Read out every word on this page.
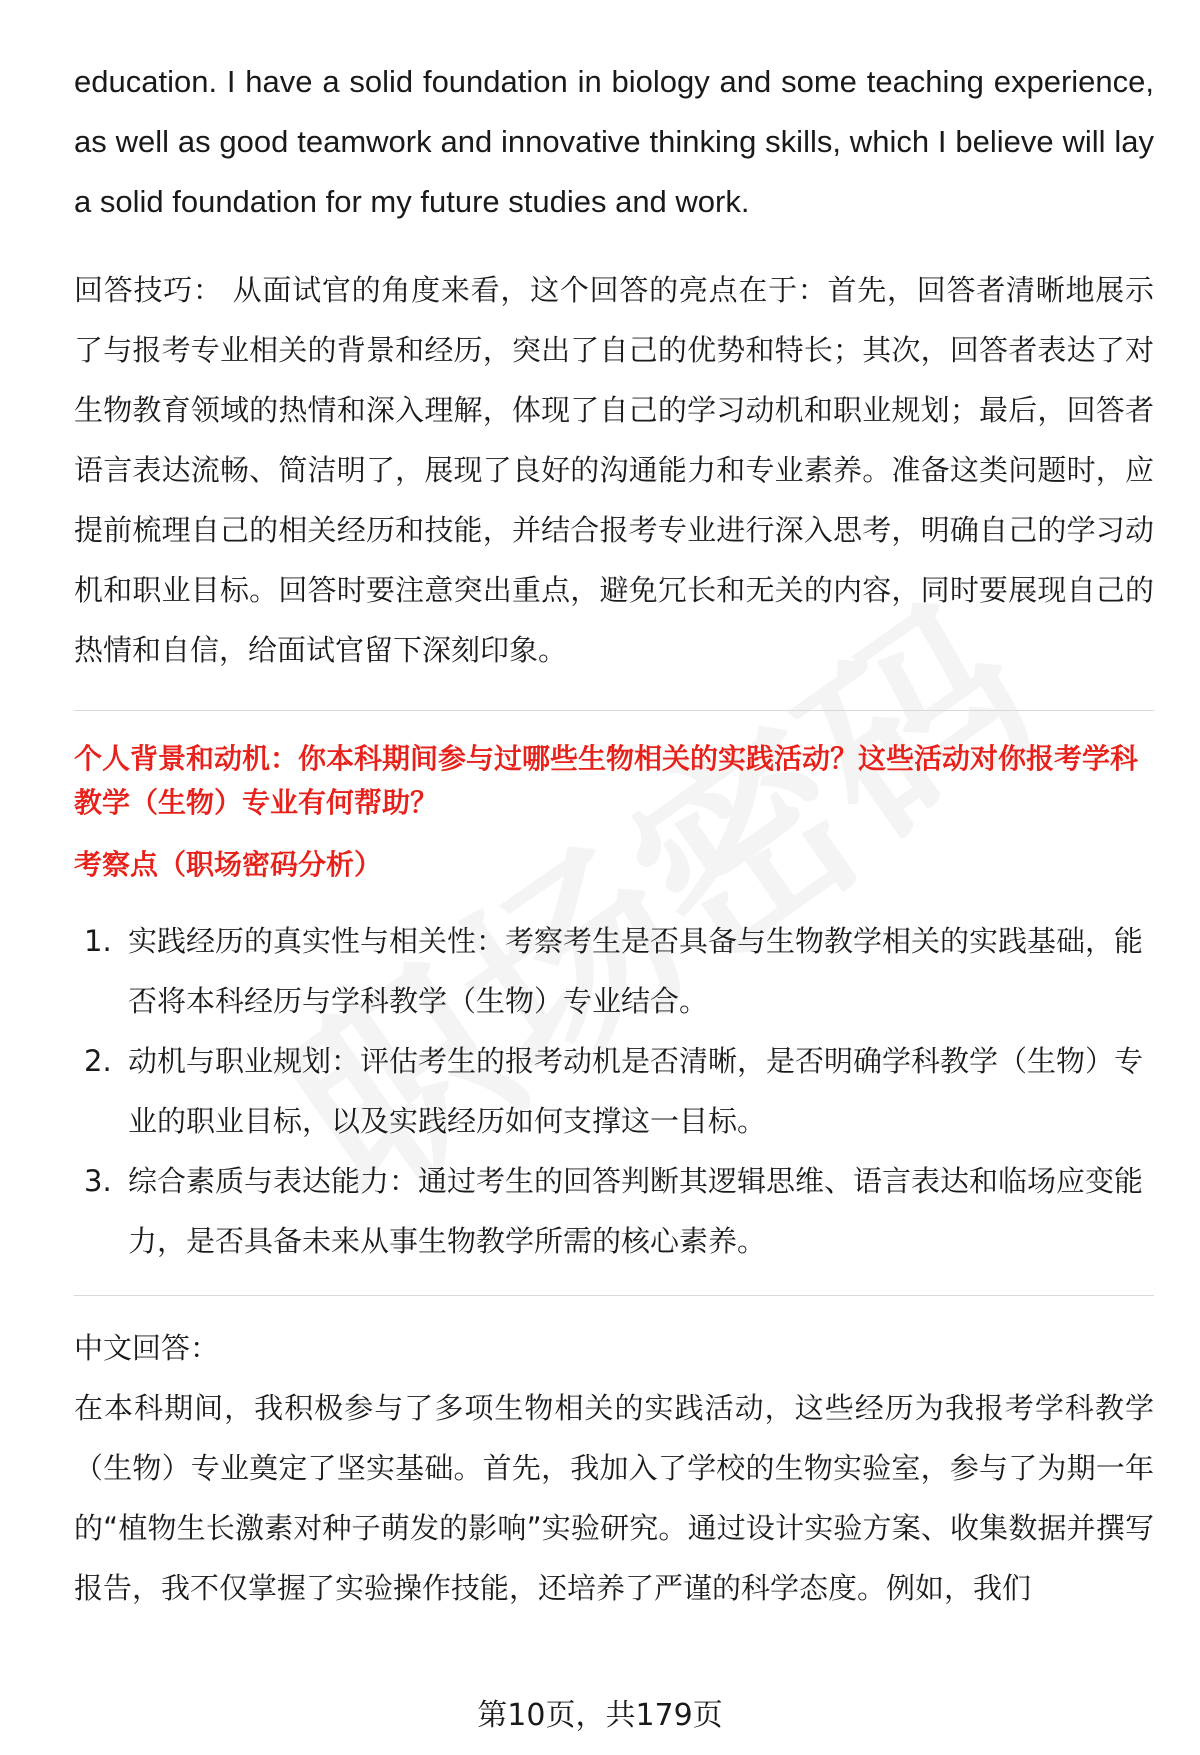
education. I have a solid foundation in biology and some teaching experience, as well as good teamwork and innovative thinking skills, which I believe will lay a solid foundation for my future studies and work.

回答技巧： 从面试官的角度来看，这个回答的亮点在于：首先，回答者清晰地展示了与报考专业相关的背景和经历，突出了自己的优势和特长；其次，回答者表达了对生物教育领域的热情和深入理解，体现了自己的学习动机和职业规划；最后，回答者语言表达流畅、简洁明了，展现了良好的沟通能力和专业素养。准备这类问题时，应提前梳理自己的相关经历和技能，并结合报考专业进行深入思考，明确自己的学习动机和职业目标。回答时要注意突出重点，避免冗长和无关的内容，同时要展现自己的热情和自信，给面试官留下深刻印象。

个人背景和动机：你本科期间参与过哪些生物相关的实践活动？这些活动对你报考学科教学（生物）专业有何帮助？

考察点（职场密码分析）

1. 实践经历的真实性与相关性：考察考生是否具备与生物教学相关的实践基础，能否将本科经历与学科教学（生物）专业结合。
2. 动机与职业规划：评估考生的报考动机是否清晰，是否明确学科教学（生物）专业的职业目标，以及实践经历如何支撑这一目标。
3. 综合素质与表达能力：通过考生的回答判断其逻辑思维、语言表达和临场应变能力，是否具备未来从事生物教学所需的核心素养。

中文回答：

在本科期间，我积极参与了多项生物相关的实践活动，这些经历为我报考学科教学（生物）专业奠定了坚实基础。首先，我加入了学校的生物实验室，参与了为期一年的“植物生长激素对种子萌发的影响”实验研究。通过设计实验方案、收集数据并撰写报告，我不仅掌握了实验操作技能，还培养了严谨的科学态度。例如，我们

第10页，共179页
